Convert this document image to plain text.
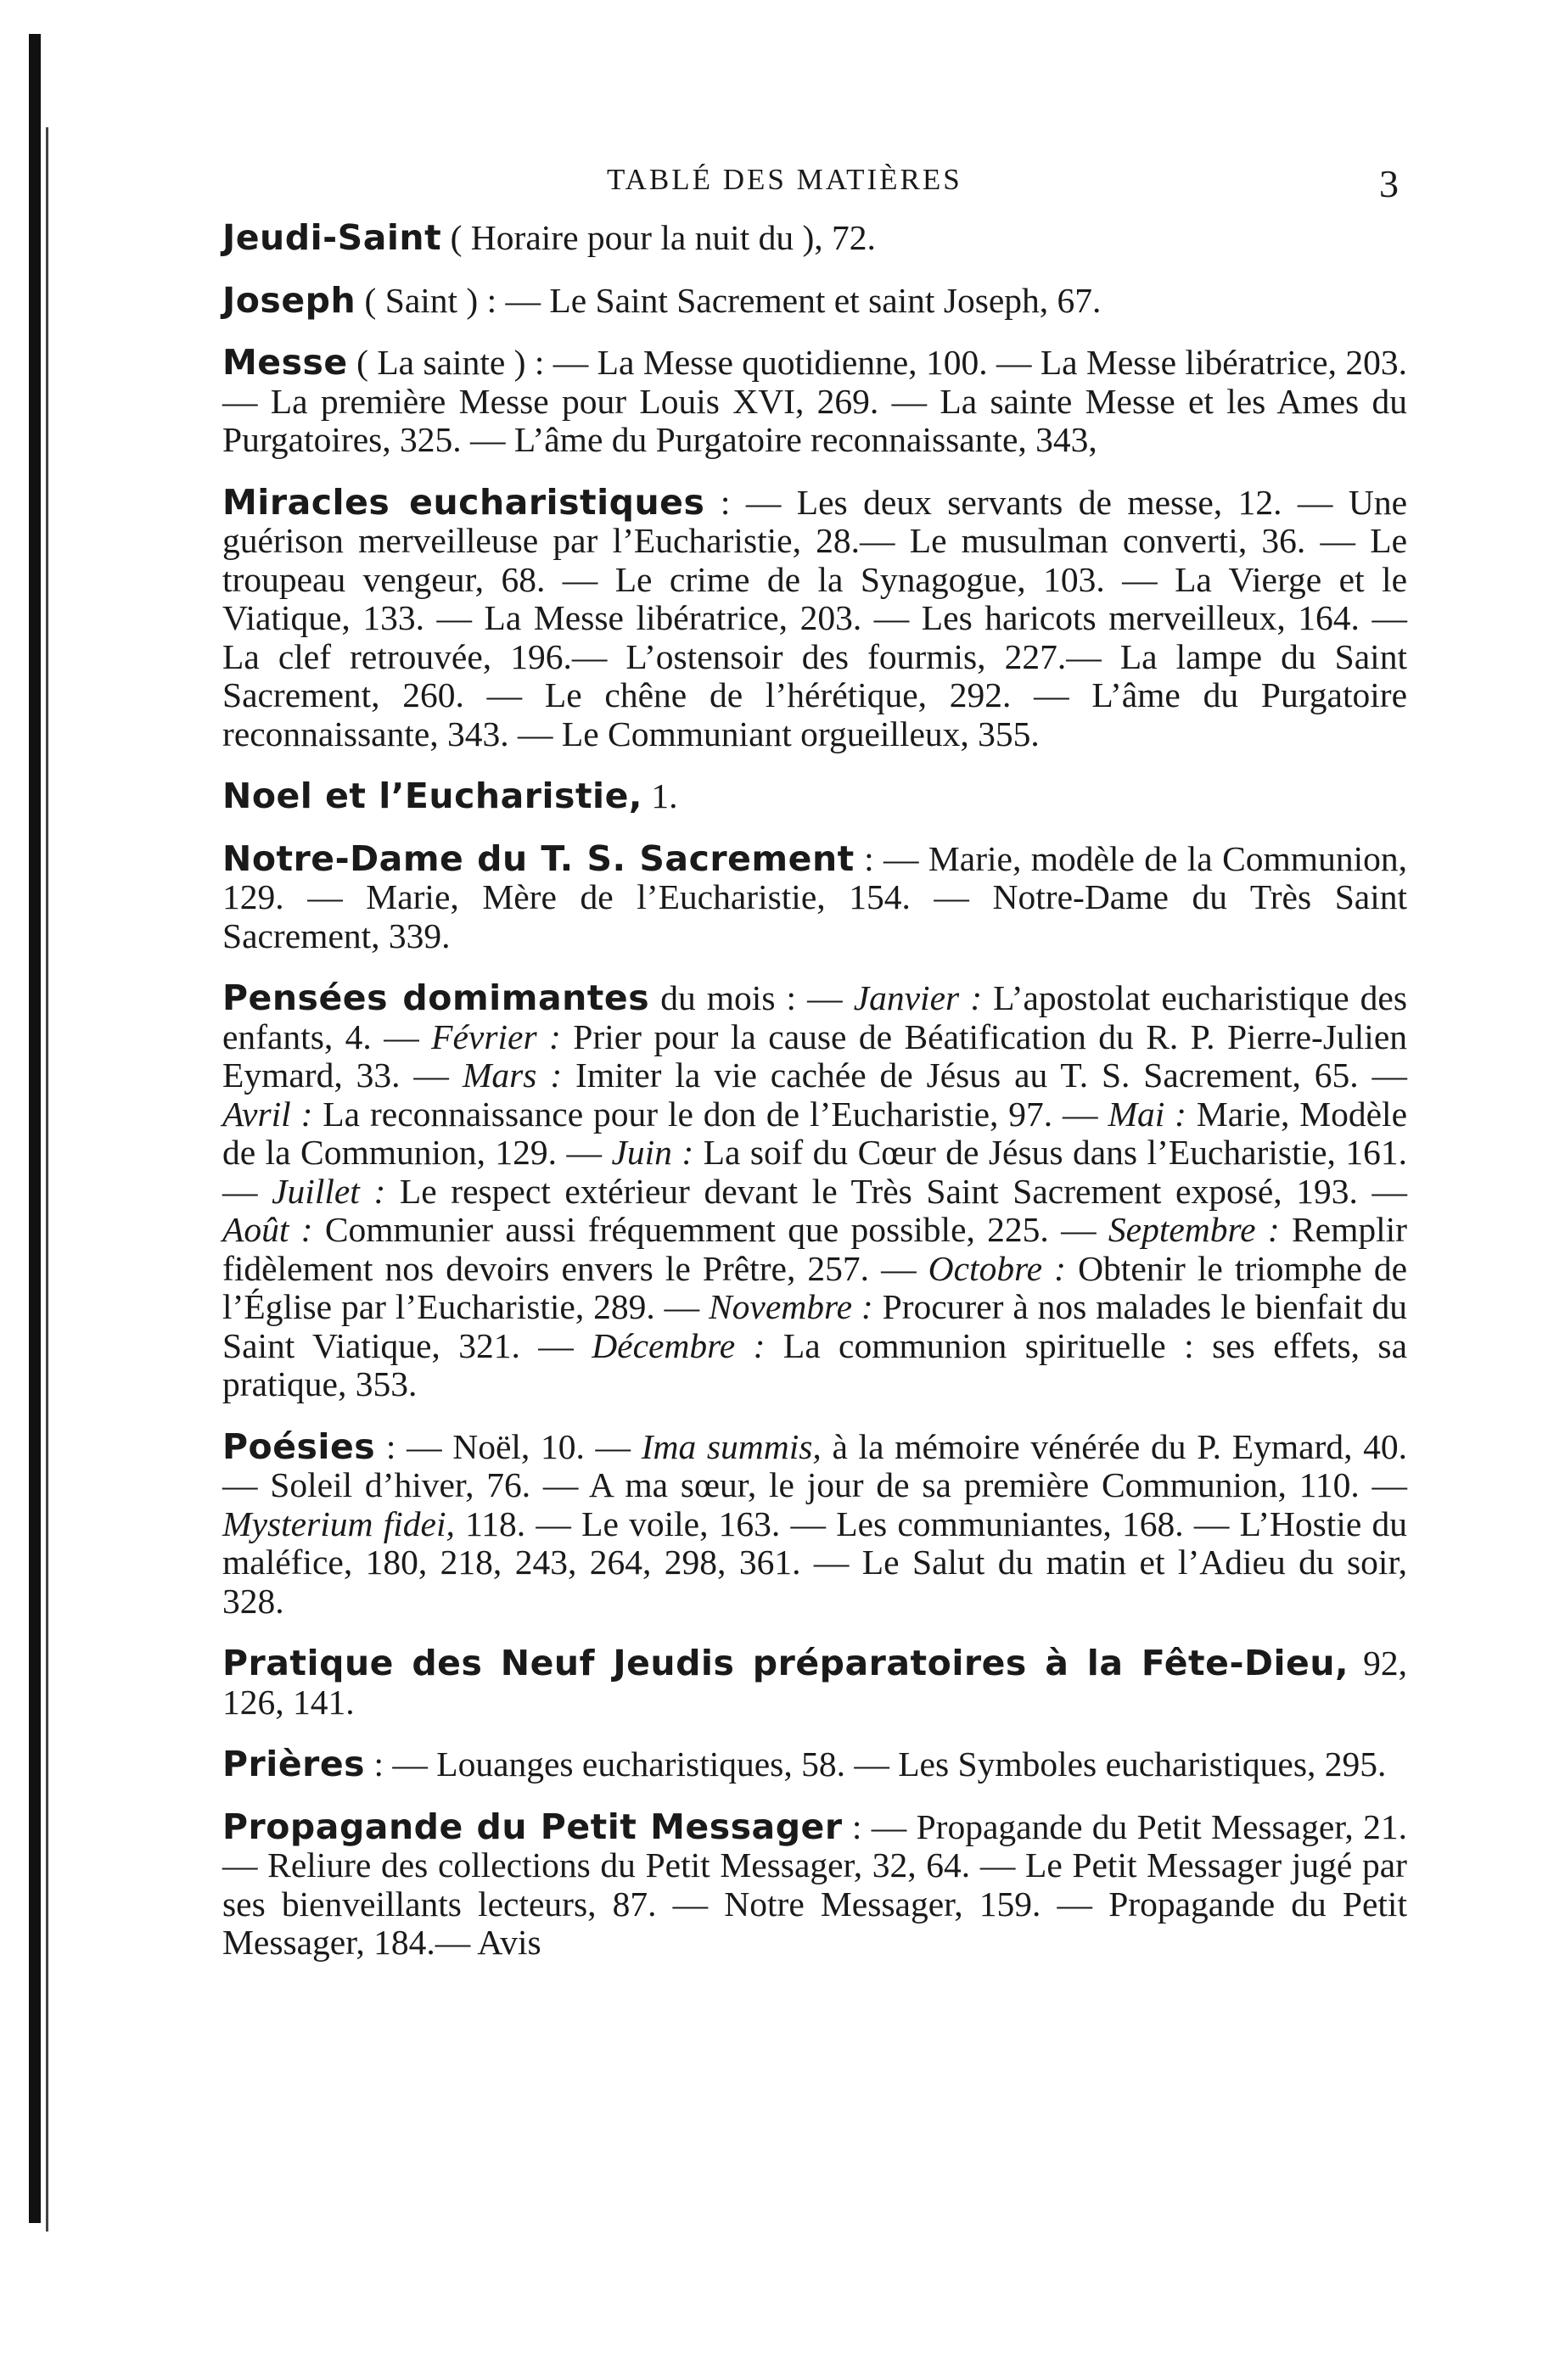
TABLÉ DES MATIÈRES	3

Jeudi-Saint ( Horaire pour la nuit du ), 72.

Joseph ( Saint ) : — Le Saint Sacrement et saint Joseph, 67.

Messe ( La sainte ) : — La Messe quotidienne, 100. — La Messe libératrice, 203. — La première Messe pour Louis XVI, 269. — La sainte Messe et les Ames du Purgatoires, 325. — L’âme du Purgatoire reconnaissante, 343,

Miracles eucharistiques : — Les deux servants de messe, 12. — Une guérison merveilleuse par l’Eucharistie, 28.— Le musulman converti, 36. — Le troupeau vengeur, 68. — Le crime de la Synagogue, 103. — La Vierge et le Viatique, 133. — La Messe libératrice, 203. — Les haricots merveilleux, 164. — La clef retrouvée, 196.— L’ostensoir des fourmis, 227.— La lampe du Saint Sacrement, 260. — Le chêne de l’hérétique, 292. — L’âme du Purgatoire reconnaissante, 343. — Le Communiant orgueilleux, 355.

Noel et l’Eucharistie, 1.

Notre-Dame du T. S. Sacrement : — Marie, modèle de la Communion, 129. — Marie, Mère de l’Eucharistie, 154. — Notre-Dame du Très Saint Sacrement, 339.

Pensées domimantes du mois : — Janvier : L’apostolat eucharistique des enfants, 4. — Février : Prier pour la cause de Béatification du R. P. Pierre-Julien Eymard, 33. — Mars : Imiter la vie cachée de Jésus au T. S. Sacrement, 65. — Avril : La reconnaissance pour le don de l’Eucharistie, 97. — Mai : Marie, Modèle de la Communion, 129. — Juin : La soif du Cœur de Jésus dans l’Eucharistie, 161. — Juillet : Le respect extérieur devant le Très Saint Sacrement exposé, 193. — Août : Communier aussi fréquemment que possible, 225. — Septembre : Remplir fidèlement nos devoirs envers le Prêtre, 257. — Octobre : Obtenir le triomphe de l’Église par l’Eucharistie, 289. — Novembre : Procurer à nos malades le bienfait du Saint Viatique, 321. — Décembre : La communion spirituelle : ses effets, sa pratique, 353.

Poésies : — Noël, 10. — Ima summis, à la mémoire vénérée du P. Eymard, 40. — Soleil d’hiver, 76. — A ma sœur, le jour de sa première Communion, 110. — Mysterium fidei, 118. — Le voile, 163. — Les communiantes, 168. — L’Hostie du maléfice, 180, 218, 243, 264, 298, 361. — Le Salut du matin et l’Adieu du soir, 328.

Pratique des Neuf Jeudis préparatoires à la Fête-Dieu, 92, 126, 141.

Prières : — Louanges eucharistiques, 58. — Les Symboles eucharistiques, 295.

Propagande du Petit Messager : — Propagande du Petit Messager, 21. — Reliure des collections du Petit Messager, 32, 64. — Le Petit Messager jugé par ses bienveillants lecteurs, 87. — Notre Messager, 159. — Propagande du Petit Messager, 184.— Avis
